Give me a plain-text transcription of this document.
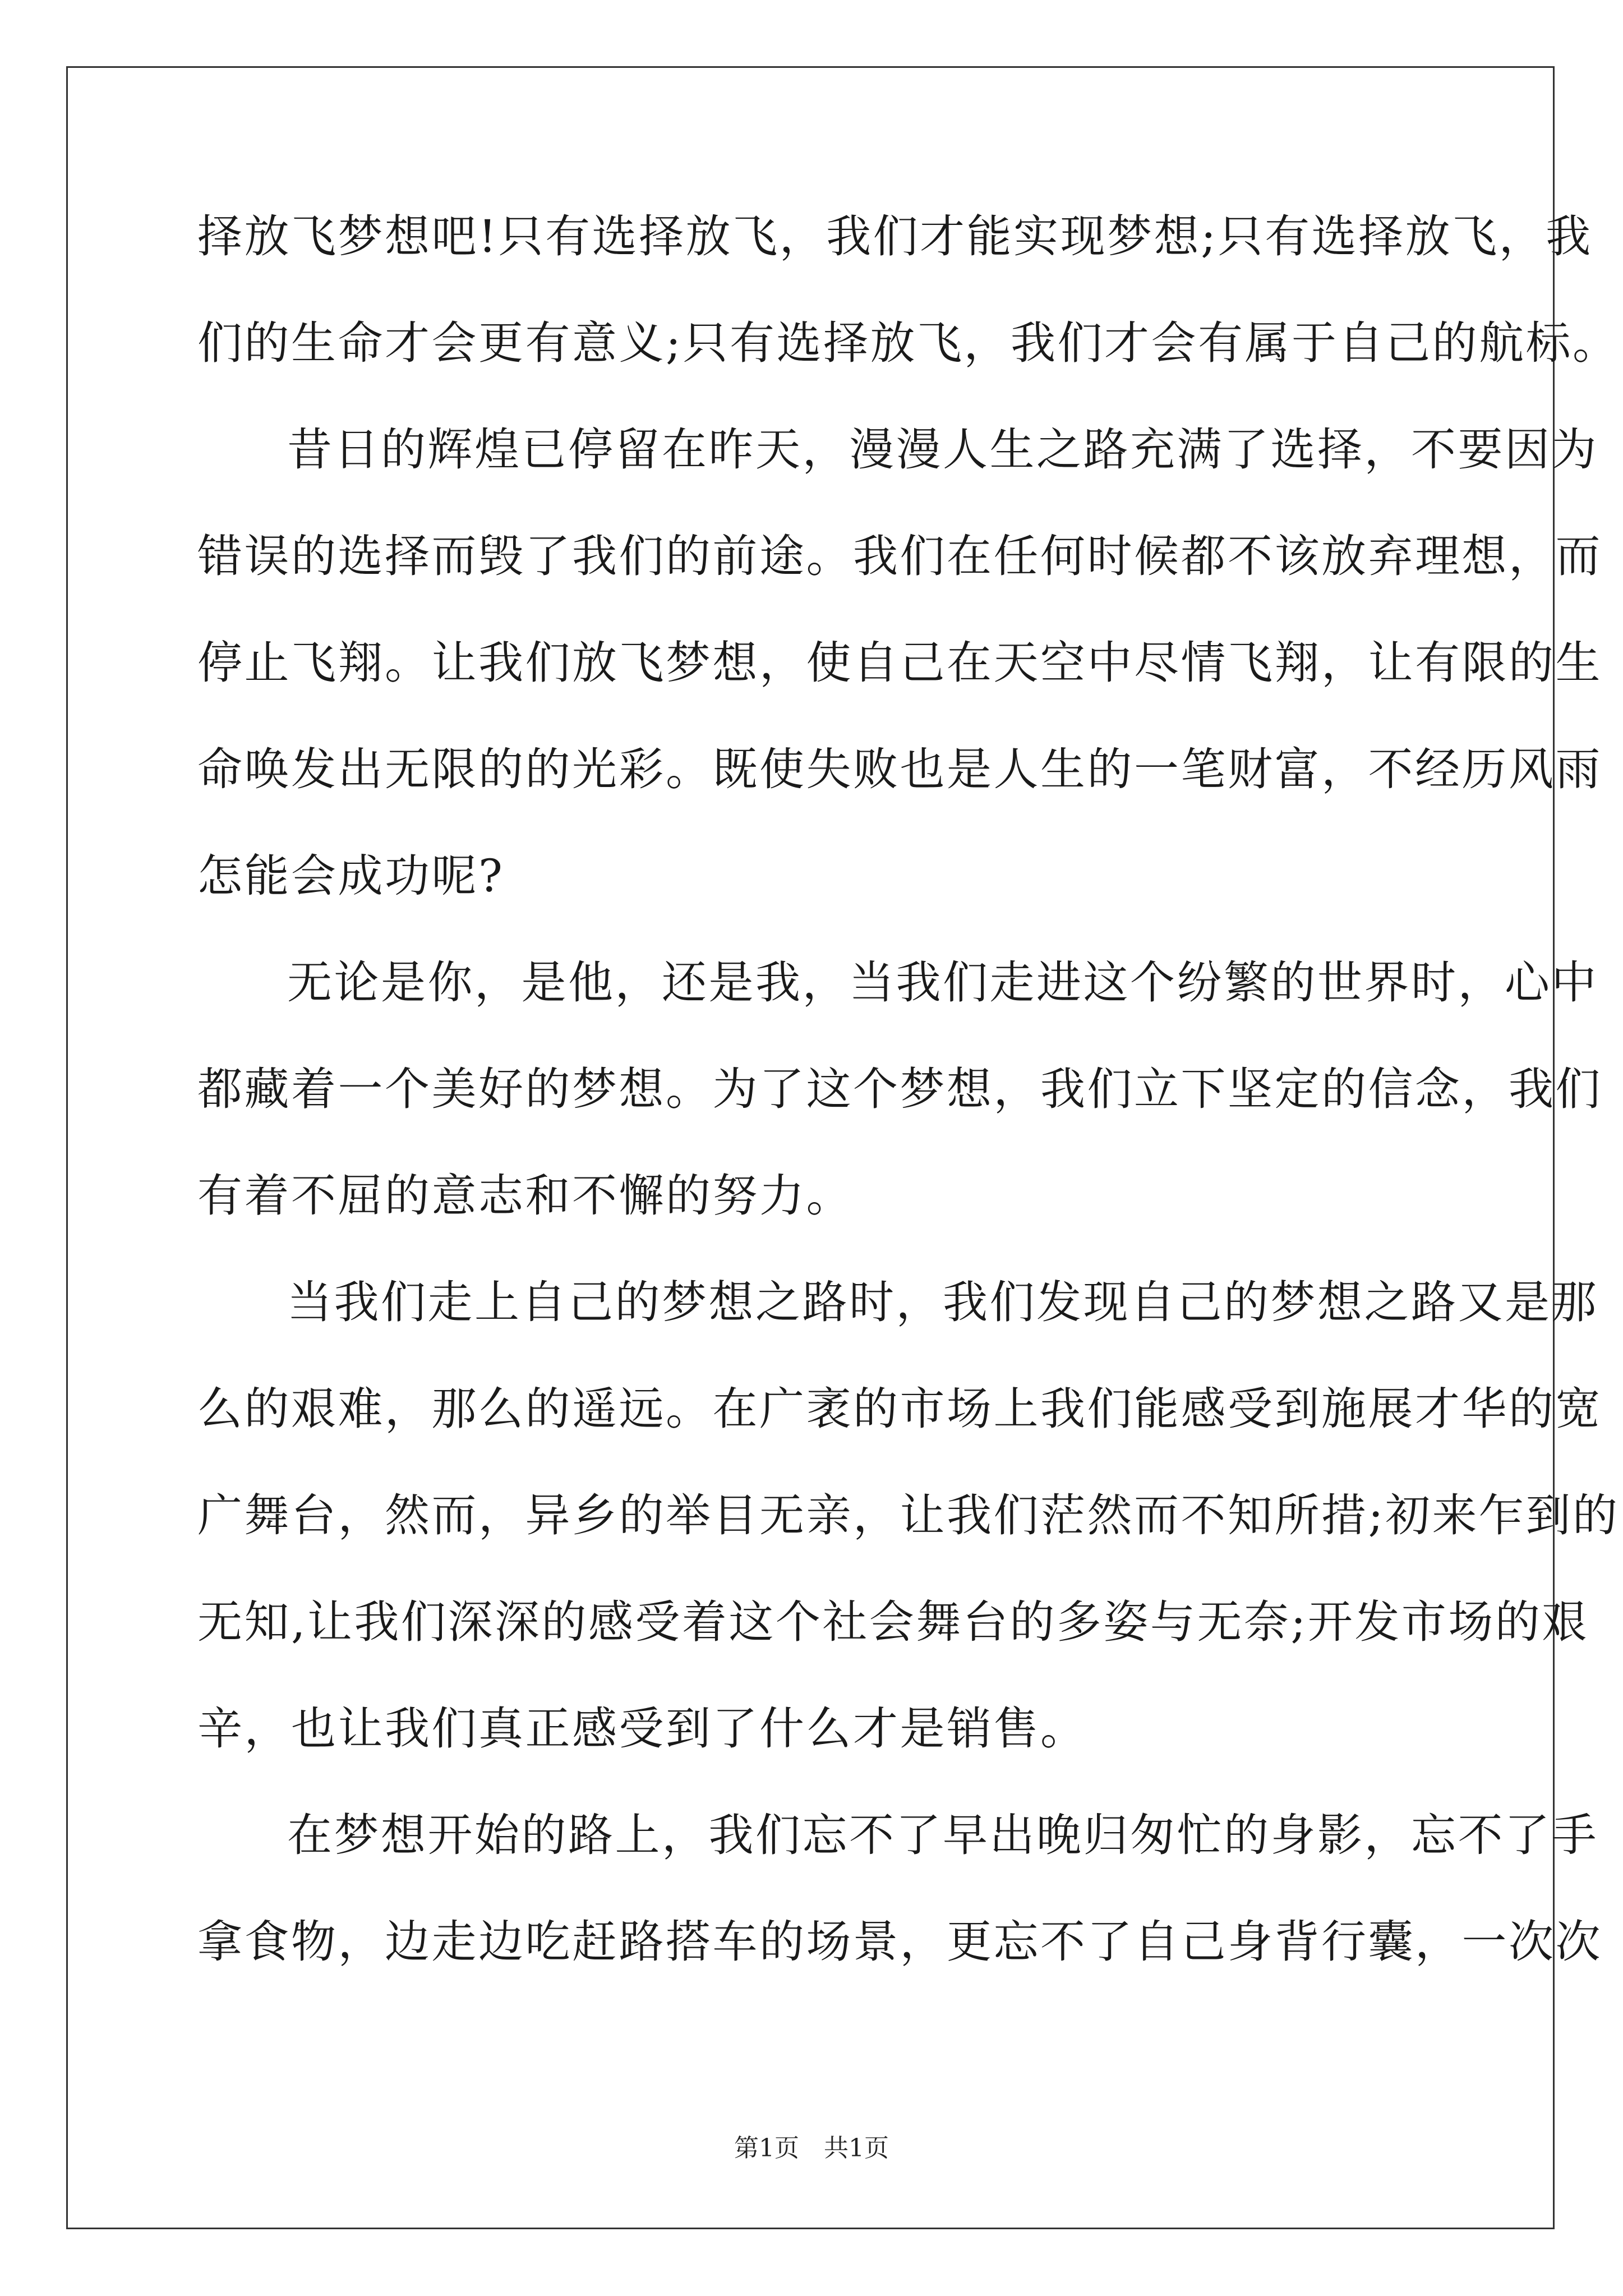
择放飞梦想吧!只有选择放飞，我们才能实现梦想;只有选择放飞，我
们的生命才会更有意义;只有选择放飞，我们才会有属于自己的航标。
昔日的辉煌已停留在昨天，漫漫人生之路充满了选择，不要因为
错误的选择而毁了我们的前途。我们在任何时候都不该放弃理想，而
停止飞翔。让我们放飞梦想，使自己在天空中尽情飞翔，让有限的生
命唤发出无限的的光彩。既使失败也是人生的一笔财富，不经历风雨
怎能会成功呢?
无论是你，是他，还是我，当我们走进这个纷繁的世界时，心中
都藏着一个美好的梦想。为了这个梦想，我们立下坚定的信念，我们
有着不屈的意志和不懈的努力。
当我们走上自己的梦想之路时，我们发现自己的梦想之路又是那
么的艰难，那么的遥远。在广袤的市场上我们能感受到施展才华的宽
广舞台，然而，异乡的举目无亲，让我们茫然而不知所措;初来乍到的
无知,让我们深深的感受着这个社会舞台的多姿与无奈;开发市场的艰
辛，也让我们真正感受到了什么才是销售。
在梦想开始的路上，我们忘不了早出晚归匆忙的身影，忘不了手
拿食物，边走边吃赶路搭车的场景，更忘不了自己身背行囊，一次次
第1页　共1页
